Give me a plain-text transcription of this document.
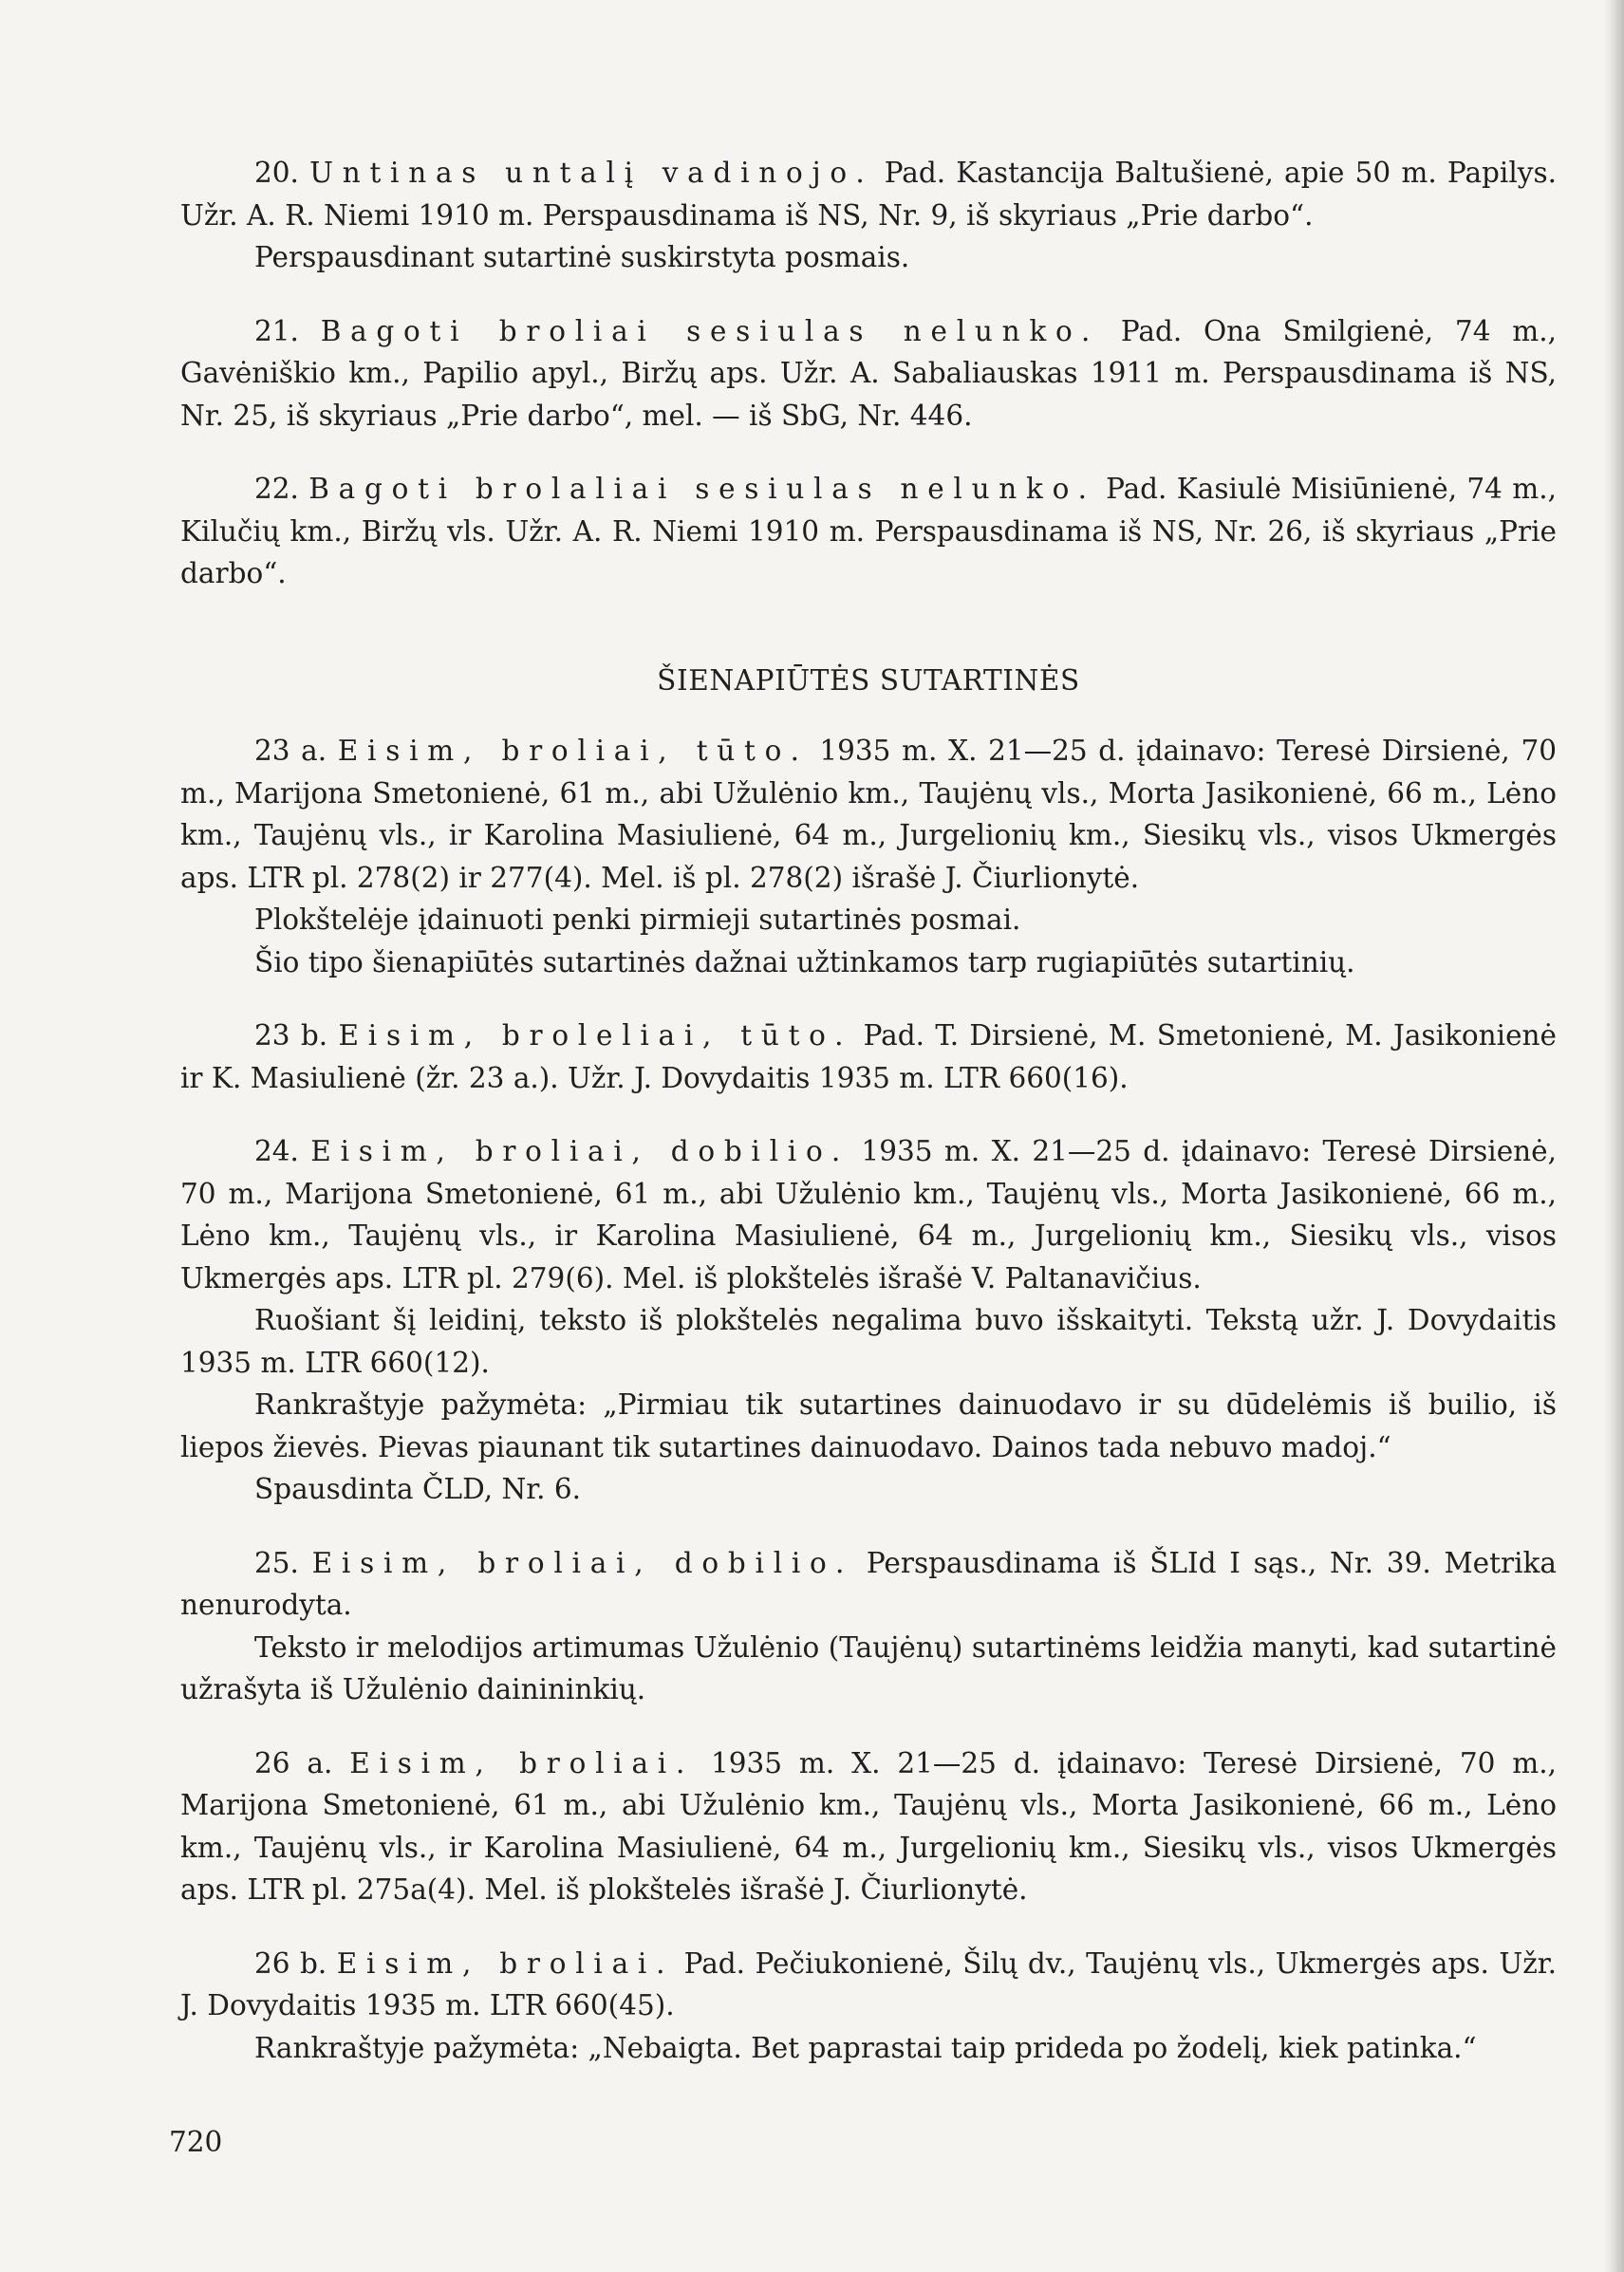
20. Untinas untalį vadinojo. Pad. Kastancija Baltušienė, apie 50 m. Papilys. Užr. A. R. Niemi 1910 m. Perspausdinama iš NS, Nr. 9, iš skyriaus „Prie darbo“.

Perspausdinant sutartinė suskirstyta posmais.

21. Bagoti broliai sesiulas nelunko. Pad. Ona Smilgienė, 74 m., Gavėniškio km., Papilio apyl., Biržų aps. Užr. A. Sabaliauskas 1911 m. Perspausdinama iš NS, Nr. 25, iš skyriaus „Prie darbo“, mel. — iš SbG, Nr. 446.

22. Bagoti brolaliai sesiulas nelunko. Pad. Kasiulė Misiūnienė, 74 m., Kilučių km., Biržų vls. Užr. A. R. Niemi 1910 m. Perspausdinama iš NS, Nr. 26, iš skyriaus „Prie darbo“.

ŠIENAPIŪTĖS SUTARTINĖS

23 a. Eisim, broliai, tūto. 1935 m. X. 21—25 d. įdainavo: Teresė Dirsienė, 70 m., Marijona Smetonienė, 61 m., abi Užulėnio km., Taujėnų vls., Morta Jasikonienė, 66 m., Lėno km., Taujėnų vls., ir Karolina Masiulienė, 64 m., Jurgelionių km., Siesikų vls., visos Ukmergės aps. LTR pl. 278(2) ir 277(4). Mel. iš pl. 278(2) išrašė J. Čiurlionytė.

Plokštelėje įdainuoti penki pirmieji sutartinės posmai.

Šio tipo šienapiūtės sutartinės dažnai užtinkamos tarp rugiapiūtės sutartinių.

23 b. Eisim, broleliai, tūto. Pad. T. Dirsienė, M. Smetonienė, M. Jasikonienė ir K. Masiulienė (žr. 23 a.). Užr. J. Dovydaitis 1935 m. LTR 660(16).

24. Eisim, broliai, dobilio. 1935 m. X. 21—25 d. įdainavo: Teresė Dirsienė, 70 m., Marijona Smetonienė, 61 m., abi Užulėnio km., Taujėnų vls., Morta Jasikonienė, 66 m., Lėno km., Taujėnų vls., ir Karolina Masiulienė, 64 m., Jurgelionių km., Siesikų vls., visos Ukmergės aps. LTR pl. 279(6). Mel. iš plokštelės išrašė V. Paltanavičius.

Ruošiant šį leidinį, teksto iš plokštelės negalima buvo išskaityti. Tekstą užr. J. Dovydaitis 1935 m. LTR 660(12).

Rankraštyje pažymėta: „Pirmiau tik sutartines dainuodavo ir su dūdelėmis iš builio, iš liepos žievės. Pievas piaunant tik sutartines dainuodavo. Dainos tada nebuvo madoj.“

Spausdinta ČLD, Nr. 6.

25. Eisim, broliai, dobilio. Perspausdinama iš ŠLId I sąs., Nr. 39. Metrika nenurodyta.

Teksto ir melodijos artimumas Užulėnio (Taujėnų) sutartinėms leidžia manyti, kad sutartinė užrašyta iš Užulėnio dainininkių.

26 a. Eisim, broliai. 1935 m. X. 21—25 d. įdainavo: Teresė Dirsienė, 70 m., Marijona Smetonienė, 61 m., abi Užulėnio km., Taujėnų vls., Morta Jasikonienė, 66 m., Lėno km., Taujėnų vls., ir Karolina Masiulienė, 64 m., Jurgelionių km., Siesikų vls., visos Ukmergės aps. LTR pl. 275a(4). Mel. iš plokštelės išrašė J. Čiurlionytė.

26 b. Eisim, broliai. Pad. Pečiukonienė, Šilų dv., Taujėnų vls., Ukmergės aps. Užr. J. Dovydaitis 1935 m. LTR 660(45).

Rankraštyje pažymėta: „Nebaigta. Bet paprastai taip prideda po žodelį, kiek patinka.“

720
